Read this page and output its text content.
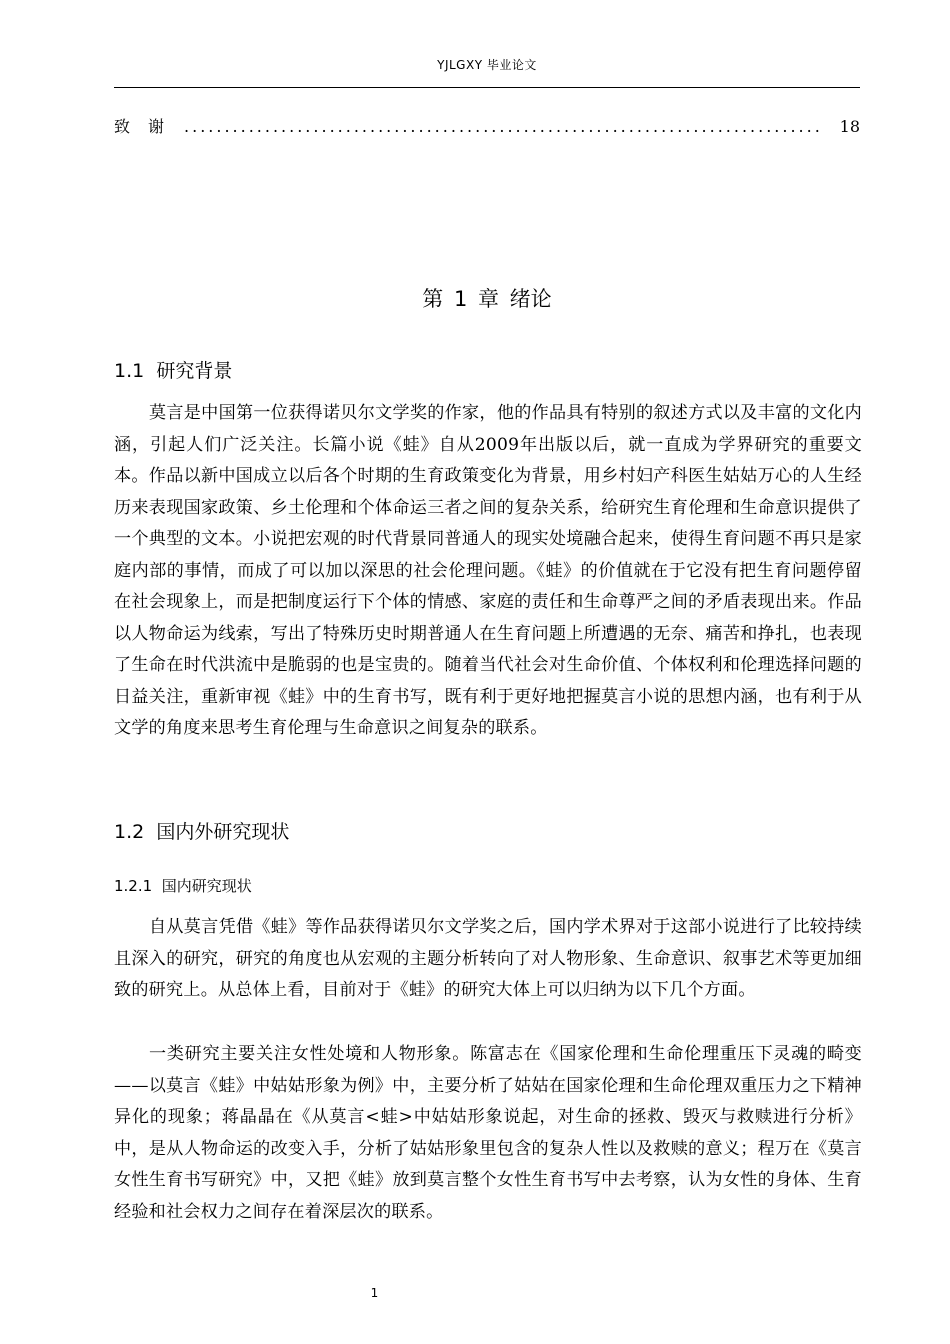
YJLGXY 毕业论文
致谢 ...............................................................................	18
第 1 章 绪论
1.1 研究背景
莫言是中国第一位获得诺贝尔文学奖的作家，他的作品具有特别的叙述方式以及丰富的文化内涵，引起人们广泛关注。长篇小说《蛙》自从2009年出版以后，就一直成为学界研究的重要文本。作品以新中国成立以后各个时期的生育政策变化为背景，用乡村妇产科医生姑姑万心的人生经历来表现国家政策、乡土伦理和个体命运三者之间的复杂关系，给研究生育伦理和生命意识提供了一个典型的文本。小说把宏观的时代背景同普通人的现实处境融合起来，使得生育问题不再只是家庭内部的事情，而成了可以加以深思的社会伦理问题。《蛙》的价值就在于它没有把生育问题停留在社会现象上，而是把制度运行下个体的情感、家庭的责任和生命尊严之间的矛盾表现出来。作品以人物命运为线索，写出了特殊历史时期普通人在生育问题上所遭遇的无奈、痛苦和挣扎，也表现了生命在时代洪流中是脆弱的也是宝贵的。随着当代社会对生命价值、个体权利和伦理选择问题的日益关注，重新审视《蛙》中的生育书写，既有利于更好地把握莫言小说的思想内涵，也有利于从文学的角度来思考生育伦理与生命意识之间复杂的联系。
1.2 国内外研究现状
1.2.1 国内研究现状
自从莫言凭借《蛙》等作品获得诺贝尔文学奖之后，国内学术界对于这部小说进行了比较持续且深入的研究，研究的角度也从宏观的主题分析转向了对人物形象、生命意识、叙事艺术等更加细致的研究上。从总体上看，目前对于《蛙》的研究大体上可以归纳为以下几个方面。
一类研究主要关注女性处境和人物形象。陈富志在《国家伦理和生命伦理重压下灵魂的畸变——以莫言《蛙》中姑姑形象为例》中，主要分析了姑姑在国家伦理和生命伦理双重压力之下精神异化的现象；蒋晶晶在《从莫言<蛙>中姑姑形象说起，对生命的拯救、毁灭与救赎进行分析》中，是从人物命运的改变入手，分析了姑姑形象里包含的复杂人性以及救赎的意义；程万在《莫言女性生育书写研究》中，又把《蛙》放到莫言整个女性生育书写中去考察，认为女性的身体、生育经验和社会权力之间存在着深层次的联系。
1
